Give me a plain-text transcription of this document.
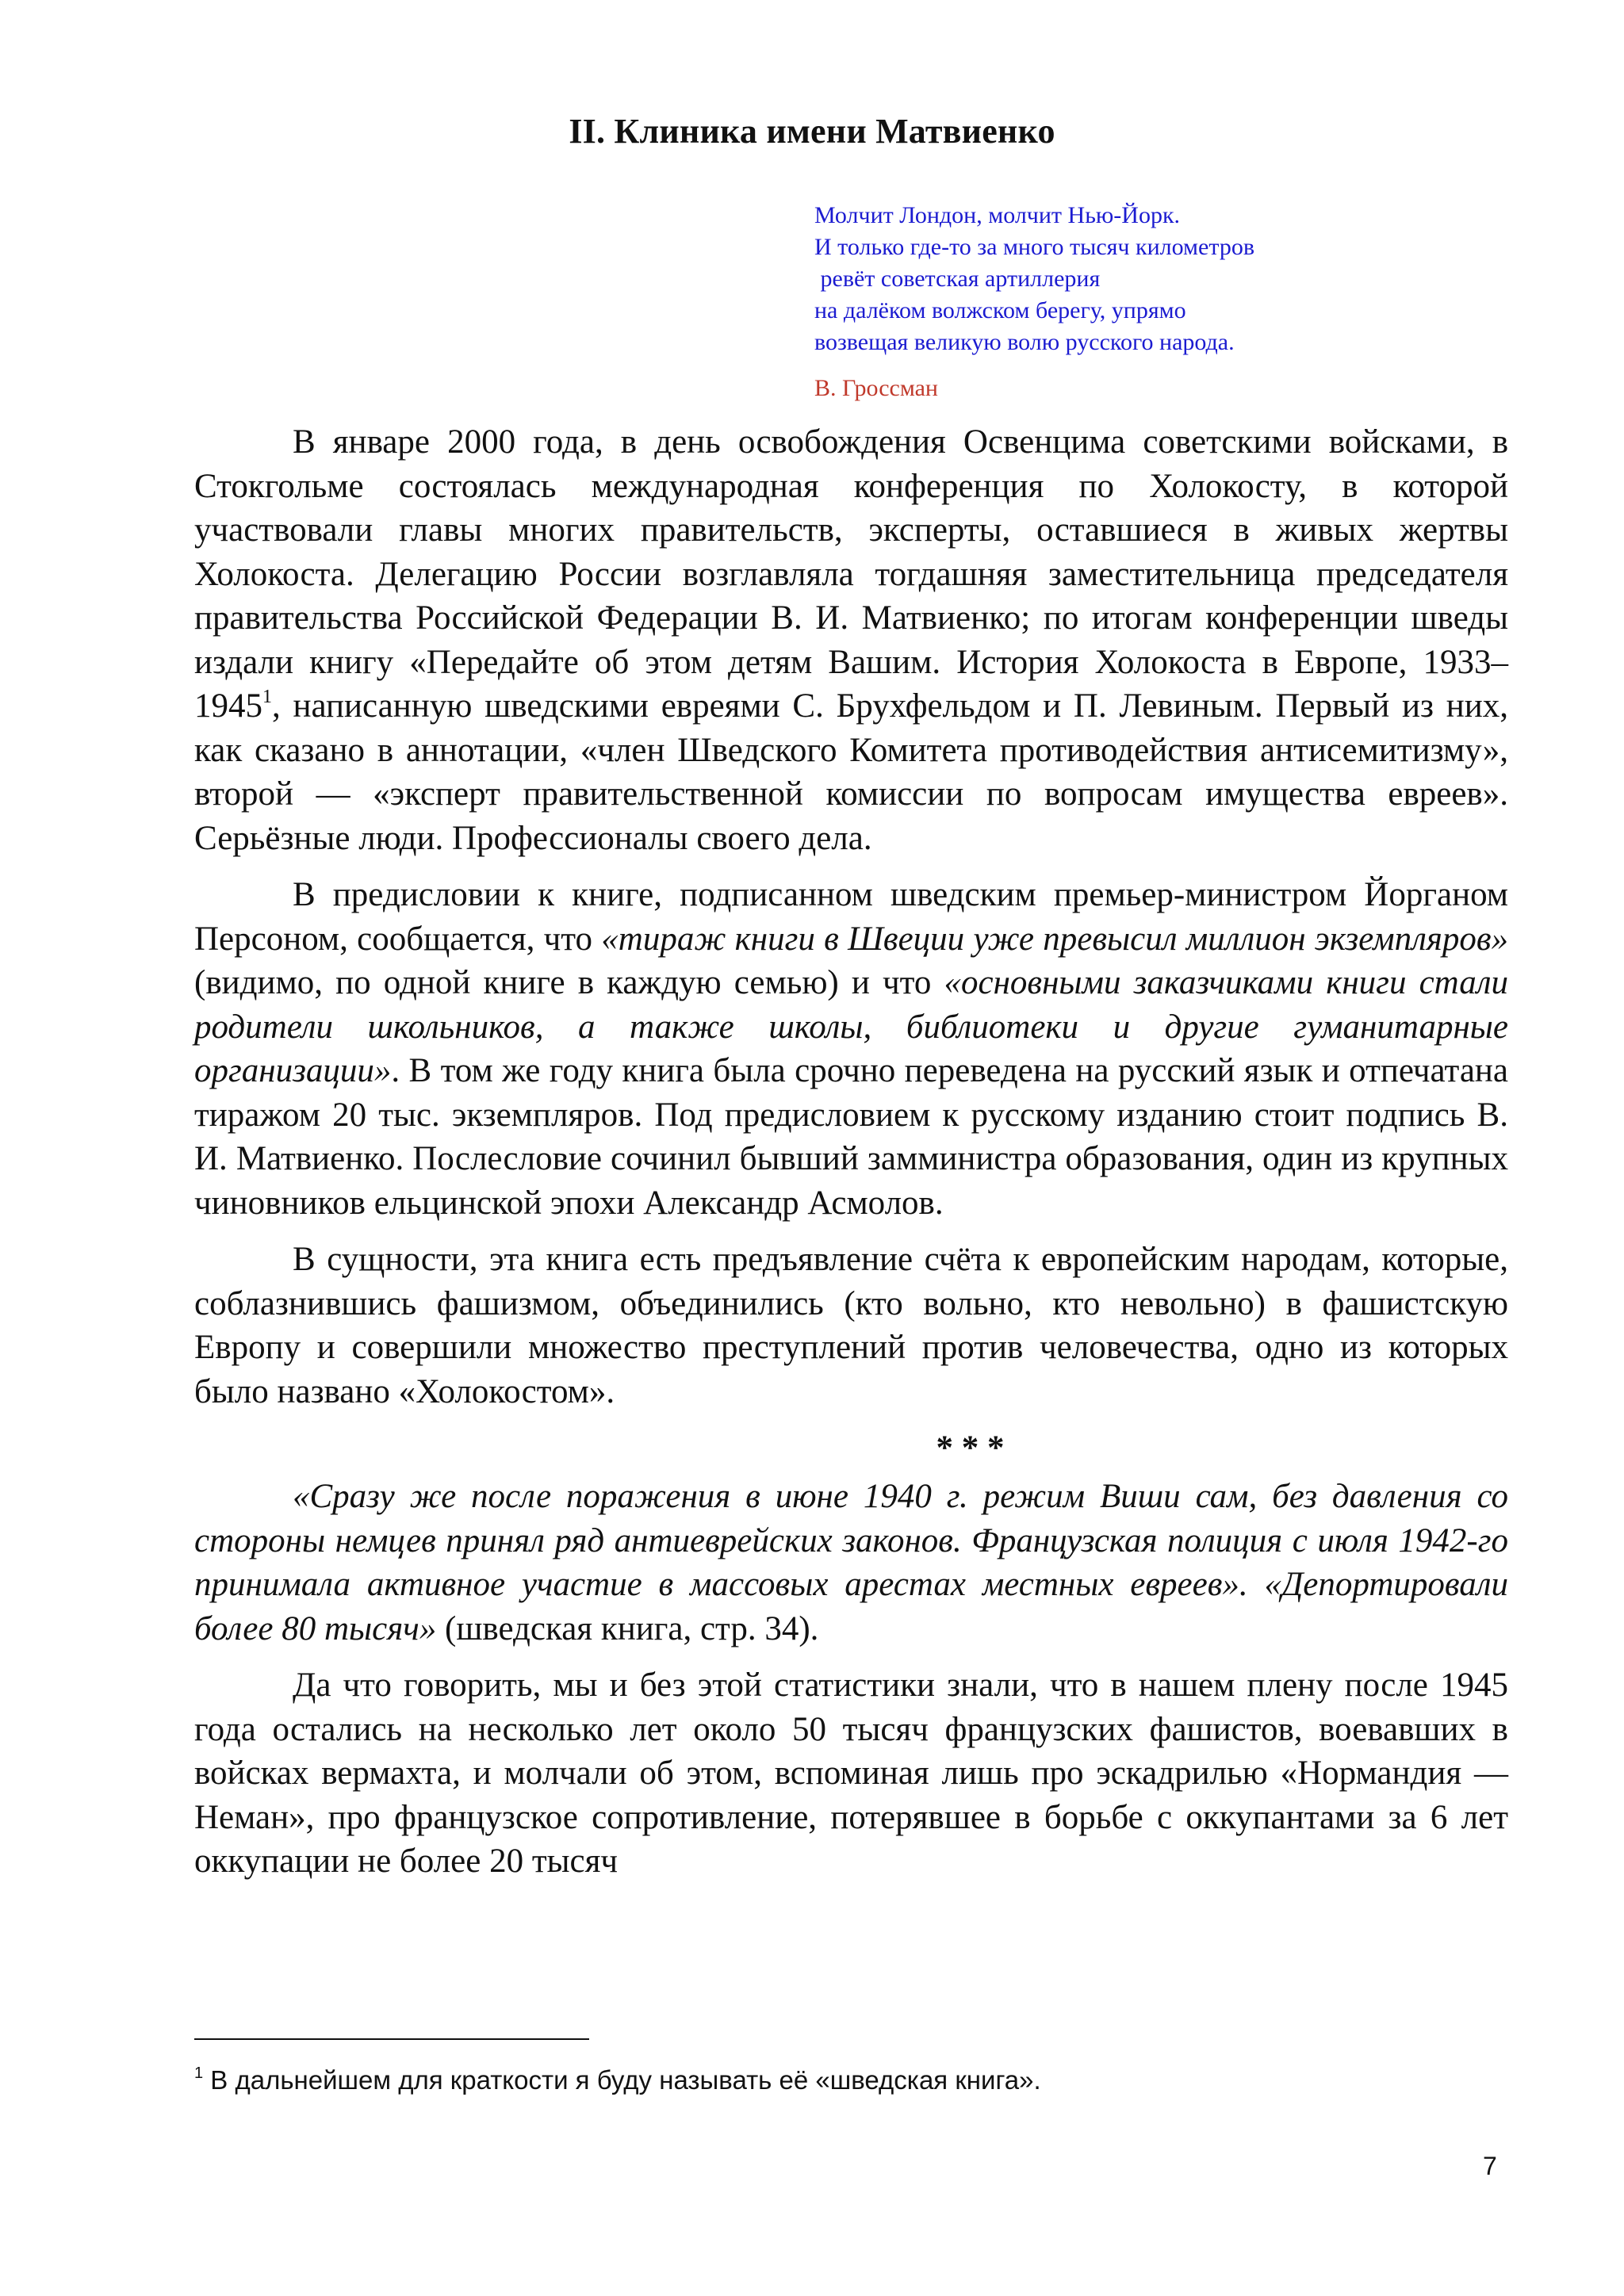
II. Клиника имени Матвиенко
Молчит Лондон, молчит Нью-Йорк.
И только где-то за много тысяч километров
ревёт советская артиллерия
на далёком волжском берегу, упрямо
возвещая великую волю русского народа.
В. Гроссман

В январе 2000 года, в день освобождения Освенцима советскими войсками, в Стокгольме состоялась международная конференция по Холокосту, в которой участвовали главы многих правительств, эксперты, оставшиеся в живых жертвы Холокоста. Делегацию России возглавляла тогдашняя заместительница председателя правительства Российской Федерации В. И. Матвиенко; по итогам конференции шведы издали книгу «Передайте об этом детям Вашим. История Холокоста в Европе, 1933–1945$^1$, написанную шведскими евреями С. Брухфельдом и П. Левиным. Первый из них, как сказано в аннотации, «член Шведского Комитета противодействия антисемитизму», второй — «эксперт правительственной комиссии по вопросам имущества евреев». Серьёзные люди. Профессионалы своего дела.

В предисловии к книге, подписанном шведским премьер-министром Йорганом Персоном, сообщается, что «тираж книги в Швеции уже превысил миллион экземпляров» (видимо, по одной книге в каждую семью) и что «основными заказчиками книги стали родители школьников, а также школы, библиотеки и другие гуманитарные организации». В том же году книга была срочно переведена на русский язык и отпечатана тиражом 20 тыс. экземпляров. Под предисловием к русскому изданию стоит подпись В. И. Матвиенко. Послесловие сочинил бывший замминистра образования, один из крупных чиновников ельцинской эпохи Александр Асмолов.

В сущности, эта книга есть предъявление счёта к европейским народам, которые, соблазнившись фашизмом, объединились (кто вольно, кто невольно) в фашистскую Европу и совершили множество преступлений против человечества, одно из которых было названо «Холокостом».

* * *

«Сразу же после поражения в июне 1940 г. режим Виши сам, без давления со стороны немцев принял ряд антиеврейских законов. Французская полиция с июля 1942-го принимала активное участие в массовых арестах местных евреев». «Депортировали более 80 тысяч» (шведская книга, стр. 34).

Да что говорить, мы и без этой статистики знали, что в нашем плену после 1945 года остались на несколько лет около 50 тысяч французских фашистов, воевавших в войсках вермахта, и молчали об этом, вспоминая лишь про эскадрилью «Нормандия — Неман», про французское сопротивление, потерявшее в борьбе с оккупантами за 6 лет оккупации не более 20 тысяч

$^1$ В дальнейшем для краткости я буду называть её «шведская книга».
7
